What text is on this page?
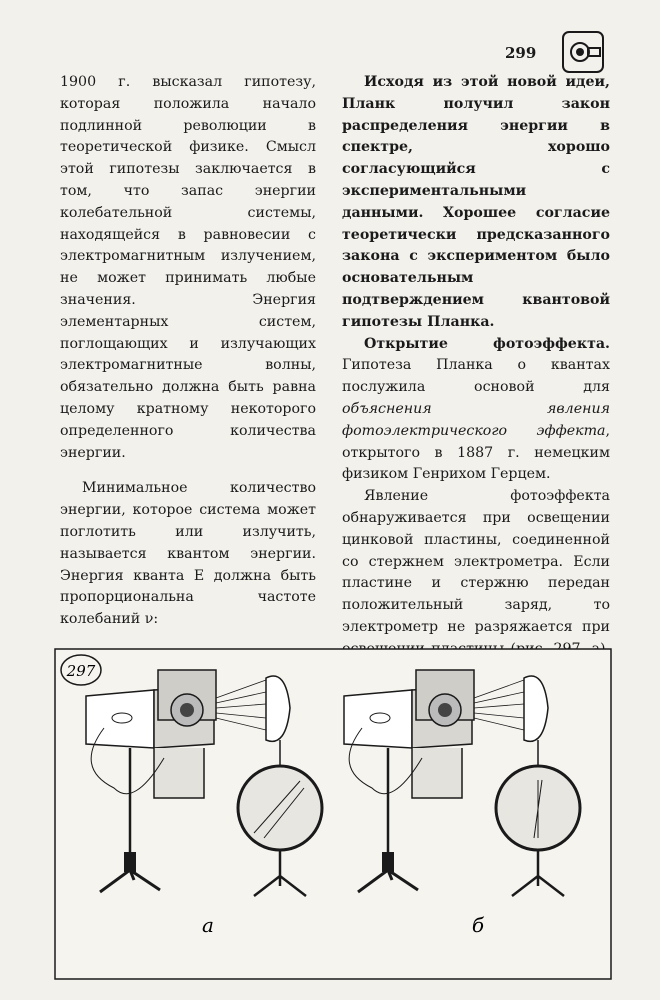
299

1900 г. высказал гипотезу, которая положила начало подлинной революции в теоретической физике. Смысл этой гипотезы заключается в том, что запас энергии колебательной системы, находящейся в равновесии с электромагнитным излучением, не может принимать любые значения. Энергия элементарных систем, поглощающих и излучающих электромагнитные волны, обязательно должна быть равна целому кратному некоторого определенного количества энергии.

Минимальное количество энергии, которое система может поглотить или излучить, называется квантом энергии. Энергия кванта E должна быть пропорциональна частоте колебаний ν:

Исходя из этой новой идеи, Планк получил закон распределения энергии в спектре, хорошо согласующийся с экспериментальными данными. Хорошее согласие теоретически предсказанного закона с экспериментом было основательным подтверждением квантовой гипотезы Планка.

Открытие фотоэффекта. Гипотеза Планка о квантах послужила основой для объяснения явления фотоэлектрического эффекта, открытого в 1887 г. немецким физиком Генрихом Герцем.

Явление фотоэффекта обнаруживается при освещении цинковой пластины, соединенной со стержнем электрометра. Если пластине и стержню передан положительный заряд, то электрометр не разряжается при

297
а	б
